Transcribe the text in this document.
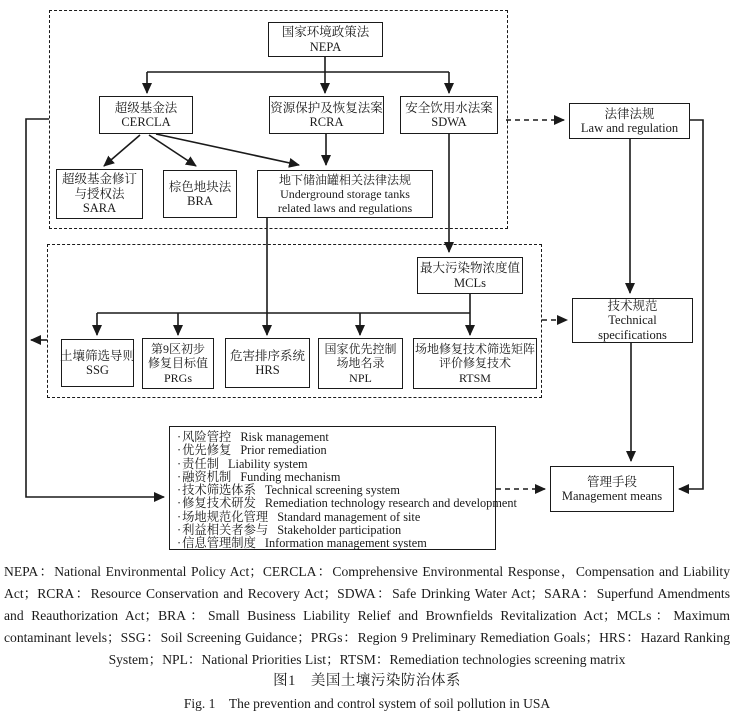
国家环境政策法
NEPA
超级基金法
CERCLA
资源保护及恢复法案
RCRA
安全饮用水法案
SDWA
超级基金修订
与授权法
SARA
棕色地块法
BRA
地下储油罐相关法律法规
Underground storage tanks
related laws and regulations
最大污染物浓度值
MCLs
土壤筛选导则
SSG
第9区初步
修复目标值
PRGs
危害排序系统
HRS
国家优先控制
场地名录
NPL
场地修复技术筛选矩阵
评价修复技术
RTSM
法律法规
Law and regulation
技术规范
Technical
specifications
管理手段
Management means
·风险管控 Risk management
·优先修复 Prior remediation
·责任制 Liability system
·融资机制 Funding mechanism
·技术筛选体系 Technical screening system
·修复技术研发 Remediation technology research and development
·场地规范化管理 Standard management of site
·利益相关者参与 Stakeholder participation
·信息管理制度 Information management system
NEPA：National Environmental Policy Act；CERCLA：Comprehensive Environmental Response，Compensation and Liability Act；RCRA：Resource Conservation and Recovery Act；SDWA：Safe Drinking Water Act；SARA：Superfund Amendments and Reauthorization Act；BRA：Small Business Liability Relief and Brownfields Revitalization Act；MCLs：Maximum contaminant levels；SSG：Soil Screening Guidance；PRGs：Region 9 Preliminary Remediation Goals；HRS：Hazard Ranking System；NPL：National Priorities List；RTSM：Remediation technologies screening matrix
图1　美国土壤污染防治体系
Fig. 1　The prevention and control system of soil pollution in USA
